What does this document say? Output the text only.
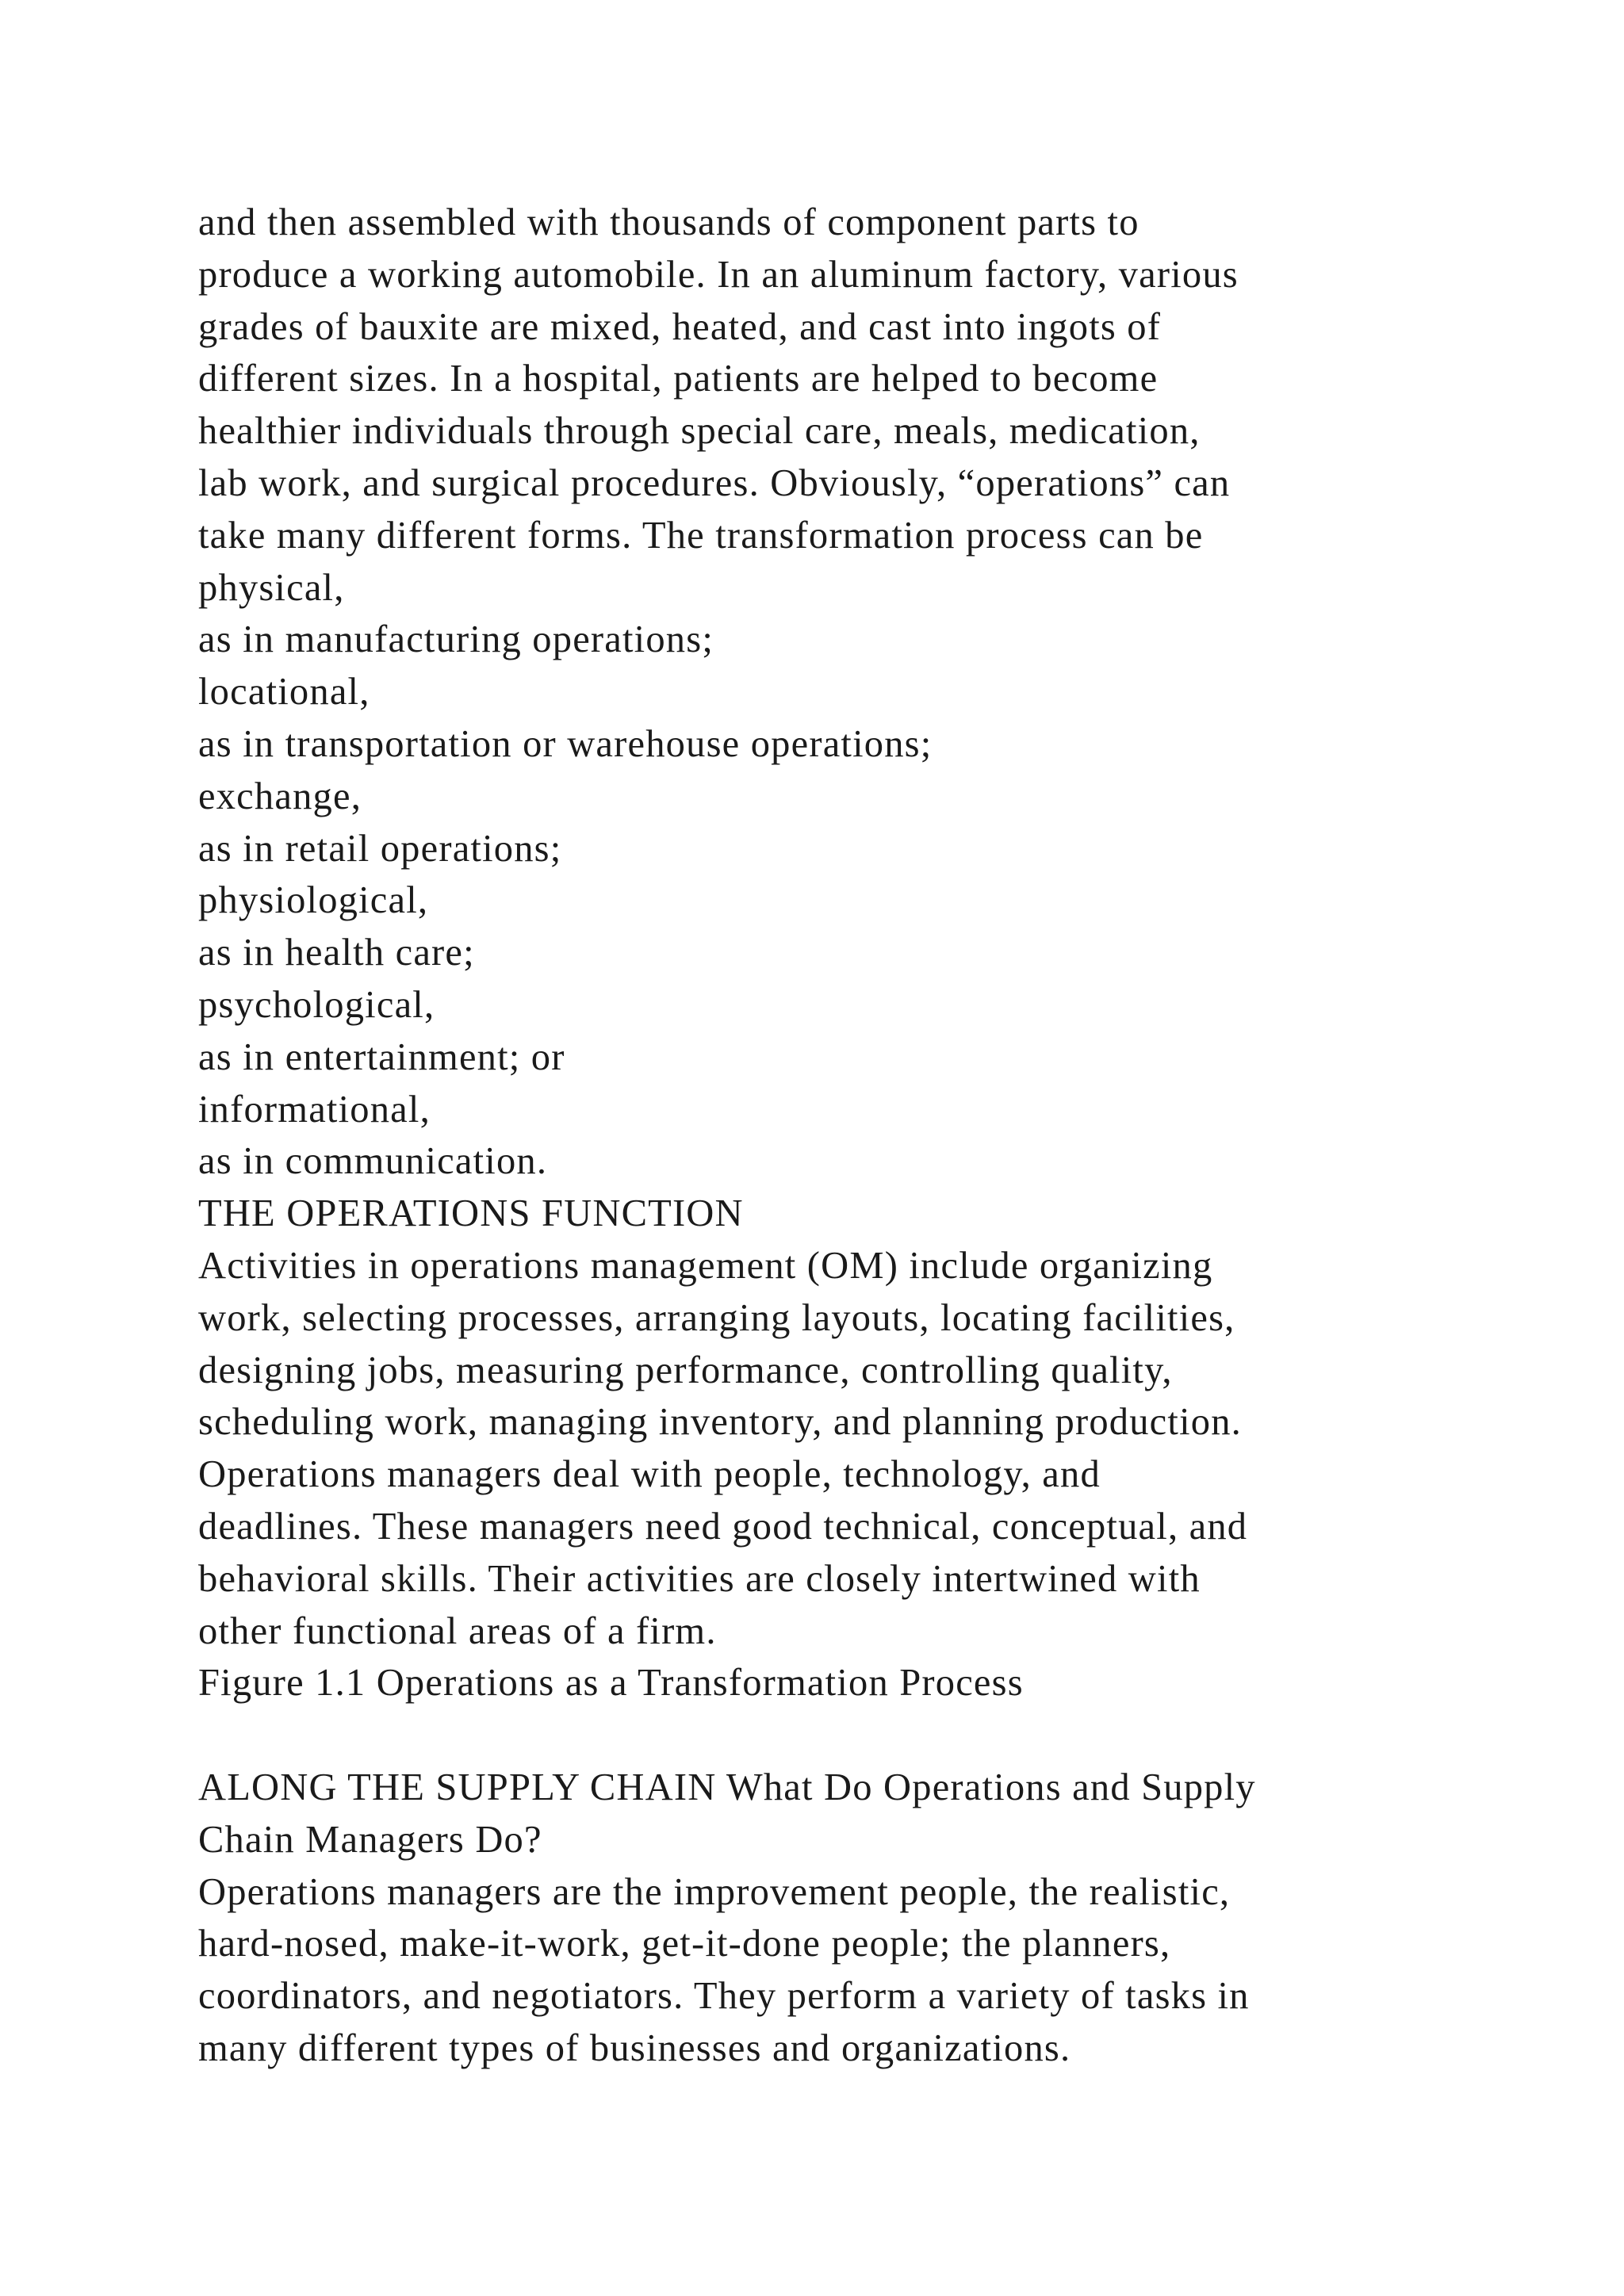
and then assembled with thousands of component parts to
produce a working automobile. In an aluminum factory, various
grades of bauxite are mixed, heated, and cast into ingots of
different sizes. In a hospital, patients are helped to become
healthier individuals through special care, meals, medication,
lab work, and surgical procedures. Obviously, “operations” can
take many different forms. The transformation process can be
physical,
as in manufacturing operations;
locational,
as in transportation or warehouse operations;
exchange,
as in retail operations;
physiological,
as in health care;
psychological,
as in entertainment; or
informational,
as in communication.
THE OPERATIONS FUNCTION
Activities in operations management (OM) include organizing
work, selecting processes, arranging layouts, locating facilities,
designing jobs, measuring performance, controlling quality,
scheduling work, managing inventory, and planning production.
Operations managers deal with people, technology, and
deadlines. These managers need good technical, conceptual, and
behavioral skills. Their activities are closely intertwined with
other functional areas of a firm.
Figure 1.1 Operations as a Transformation Process
ALONG THE SUPPLY CHAIN What Do Operations and Supply
Chain Managers Do?
Operations managers are the improvement people, the realistic,
hard-nosed, make-it-work, get-it-done people; the planners,
coordinators, and negotiators. They perform a variety of tasks in
many different types of businesses and organizations.
